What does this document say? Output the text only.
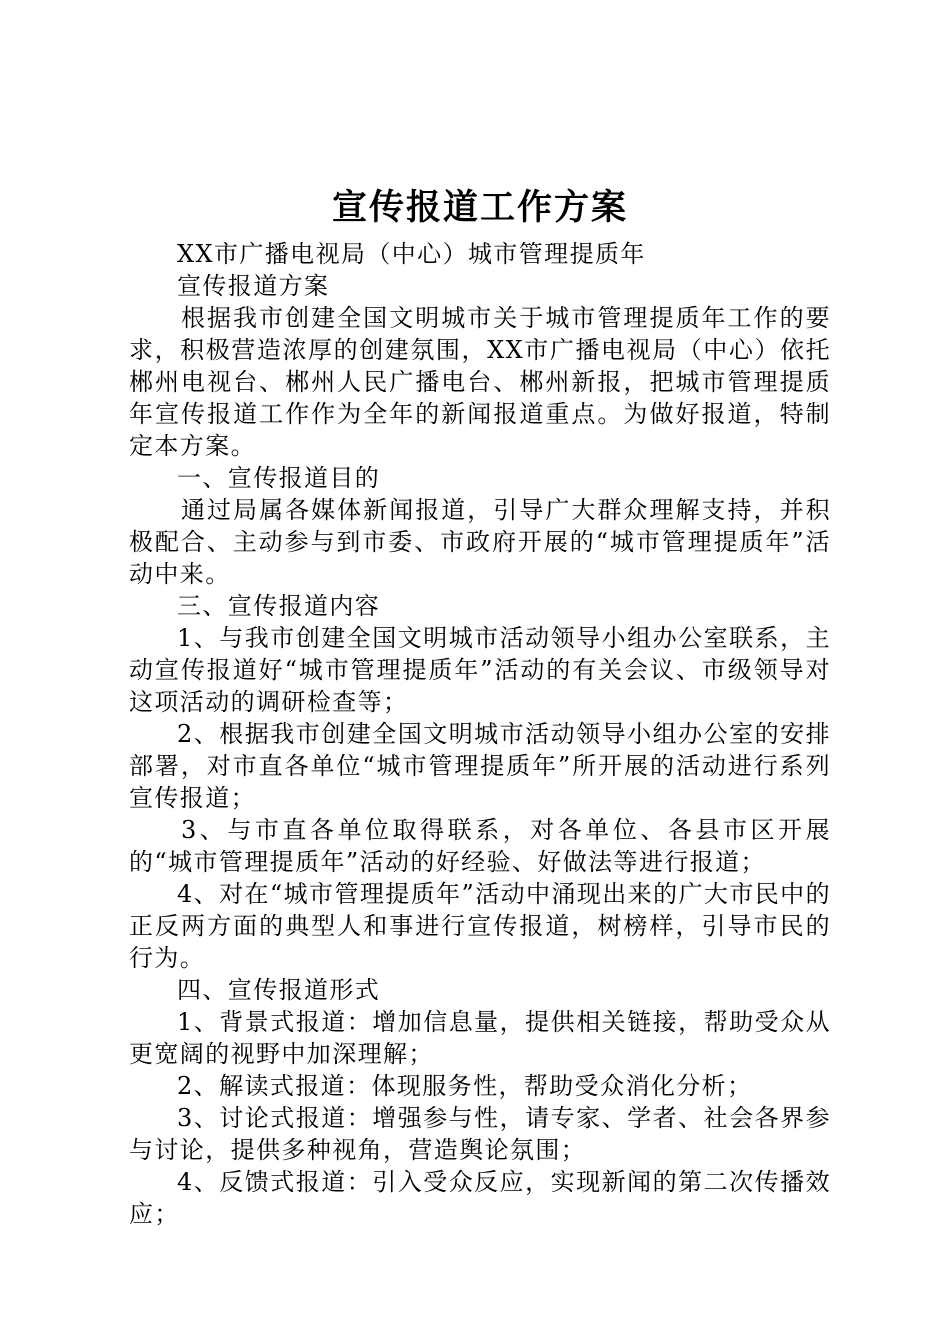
宣传报道工作方案

XX市广播电视局（中心）城市管理提质年

宣传报道方案

根据我市创建全国文明城市关于城市管理提质年工作的要求，积极营造浓厚的创建氛围，XX市广播电视局（中心）依托郴州电视台、郴州人民广播电台、郴州新报，把城市管理提质年宣传报道工作作为全年的新闻报道重点。为做好报道，特制定本方案。

一、宣传报道目的

通过局属各媒体新闻报道，引导广大群众理解支持，并积极配合、主动参与到市委、市政府开展的“城市管理提质年”活动中来。

三、宣传报道内容

1、与我市创建全国文明城市活动领导小组办公室联系，主动宣传报道好“城市管理提质年”活动的有关会议、市级领导对这项活动的调研检查等；

2、根据我市创建全国文明城市活动领导小组办公室的安排部署，对市直各单位“城市管理提质年”所开展的活动进行系列宣传报道；

3、与市直各单位取得联系，对各单位、各县市区开展的“城市管理提质年”活动的好经验、好做法等进行报道；

4、对在“城市管理提质年”活动中涌现出来的广大市民中的正反两方面的典型人和事进行宣传报道，树榜样，引导市民的行为。

四、宣传报道形式

1、背景式报道：增加信息量，提供相关链接，帮助受众从更宽阔的视野中加深理解；

2、解读式报道：体现服务性，帮助受众消化分析；

3、讨论式报道：增强参与性，请专家、学者、社会各界参与讨论，提供多种视角，营造舆论氛围；

4、反馈式报道：引入受众反应，实现新闻的第二次传播效应；
